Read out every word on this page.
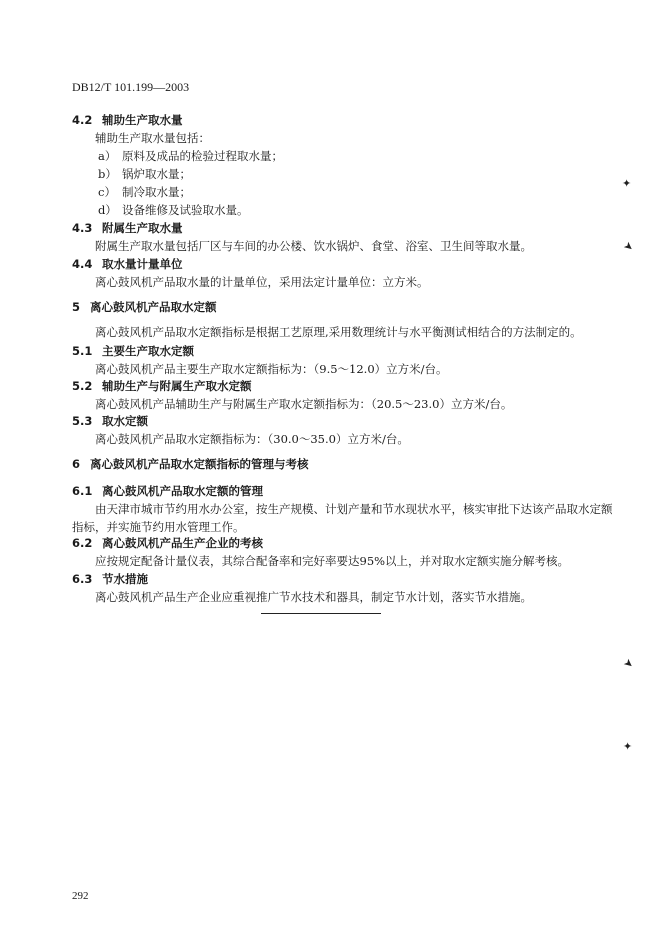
DB12/T 101.199—2003
4.2 辅助生产取水量
辅助生产取水量包括：
a） 原料及成品的检验过程取水量；
b） 锅炉取水量；
c） 制冷取水量；
d） 设备维修及试验取水量。
4.3 附属生产取水量
附属生产取水量包括厂区与车间的办公楼、饮水锅炉、食堂、浴室、卫生间等取水量。
4.4 取水量计量单位
离心鼓风机产品取水量的计量单位，采用法定计量单位：立方米。
5 离心鼓风机产品取水定额
离心鼓风机产品取水定额指标是根据工艺原理,采用数理统计与水平衡测试相结合的方法制定的。
5.1 主要生产取水定额
离心鼓风机产品主要生产取水定额指标为：（9.5～12.0）立方米/台。
5.2 辅助生产与附属生产取水定额
离心鼓风机产品辅助生产与附属生产取水定额指标为：（20.5～23.0）立方米/台。
5.3 取水定额
离心鼓风机产品取水定额指标为：（30.0～35.0）立方米/台。
6 离心鼓风机产品取水定额指标的管理与考核
6.1 离心鼓风机产品取水定额的管理
由天津市城市节约用水办公室，按生产规模、计划产量和节水现状水平，核实审批下达该产品取水定额
指标，并实施节约用水管理工作。
6.2 离心鼓风机产品生产企业的考核
应按规定配备计量仪表，其综合配备率和完好率要达95%以上，并对取水定额实施分解考核。
6.3 节水措施
离心鼓风机产品生产企业应重视推广节水技术和器具，制定节水计划，落实节水措施。
✦
➤
➤
✦
292
